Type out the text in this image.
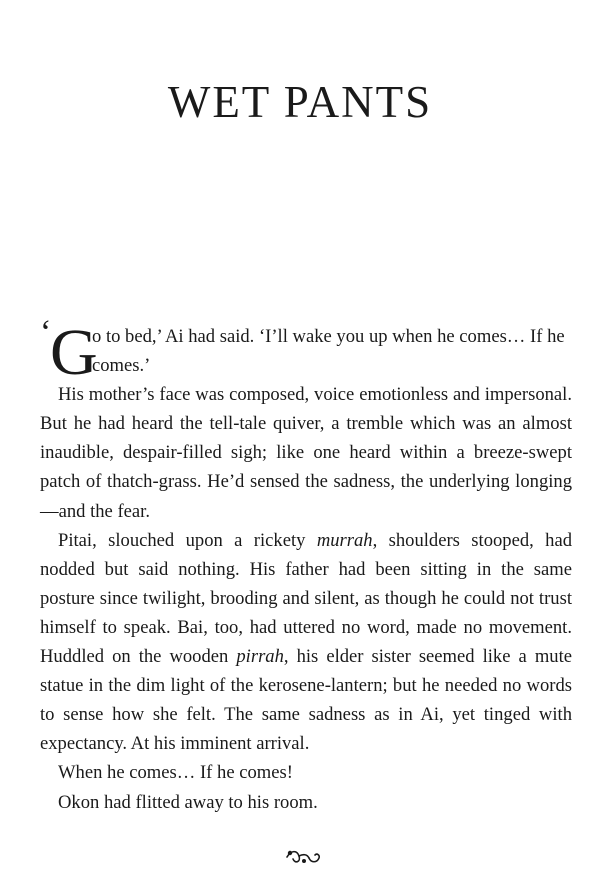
WET PANTS
‘
G

o to bed,’ Ai had said. ‘I’ll wake you up when he comes… If he comes.’

His mother’s face was composed, voice emotionless and impersonal. But he had heard the tell-tale quiver, a tremble which was an almost inaudible, despair-filled sigh; like one heard within a breeze-swept patch of thatch-grass. He’d sensed the sadness, the underlying longing—and the fear.

Pitai, slouched upon a rickety murrah, shoulders stooped, had nodded but said nothing. His father had been sitting in the same posture since twilight, brooding and silent, as though he could not trust himself to speak. Bai, too, had uttered no word, made no movement. Huddled on the wooden pirrah, his elder sister seemed like a mute statue in the dim light of the kerosene-lantern; but he needed no words to sense how she felt. The same sadness as in Ai, yet tinged with expectancy. At his imminent arrival.

When he comes… If he comes!

Okon had flitted away to his room.
